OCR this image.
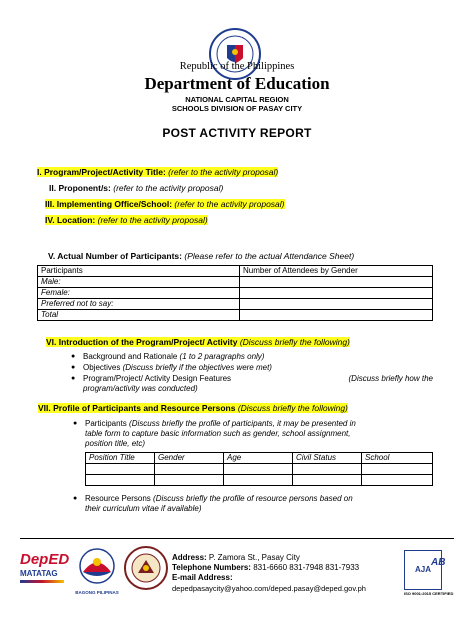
Republic of the Philippines
Department of Education
NATIONAL CAPITAL REGION
SCHOOLS DIVISION OF PASAY CITY
POST ACTIVITY REPORT
I. Program/Project/Activity Title: (refer to the activity proposal)
II. Proponent/s: (refer to the activity proposal)
III. Implementing Office/School: (refer to the activity proposal)
IV. Location: (refer to the activity proposal)
V. Actual Number of Participants: (Please refer to the actual Attendance Sheet)
Participants	Number of Attendees by Gender
Male:	
Female:	
Preferred not to say:	
Total	
VI. Introduction of the Program/Project/ Activity (Discuss briefly the following)
● Background and Rationale (1 to 2 paragraphs only)
● Objectives (Discuss briefly if the objectives were met)
● Program/Project/ Activity Design Features	(Discuss briefly how the
program/activity was conducted)
VII. Profile of Participants and Resource Persons (Discuss briefly the following)
● Participants (Discuss briefly the profile of participants, it may be presented in
table form to capture basic information such as gender, school assignment,
position title, etc)
Position Title	Gender	Age	Civil Status	School

● Resource Persons (Discuss briefly the profile of resource persons based on
their curriculum vitae if available)
DepED
MATATAG
BAGONG PILIPINAS
Address: P. Zamora St., Pasay City
Telephone Numbers: 831-6660 831-7948 831-7933
E-mail Address:
depedpasaycity@yahoo.com/deped.pasay@deped.gov.ph
AJA
AB
ISO 9001:2015 CERTIFIED
